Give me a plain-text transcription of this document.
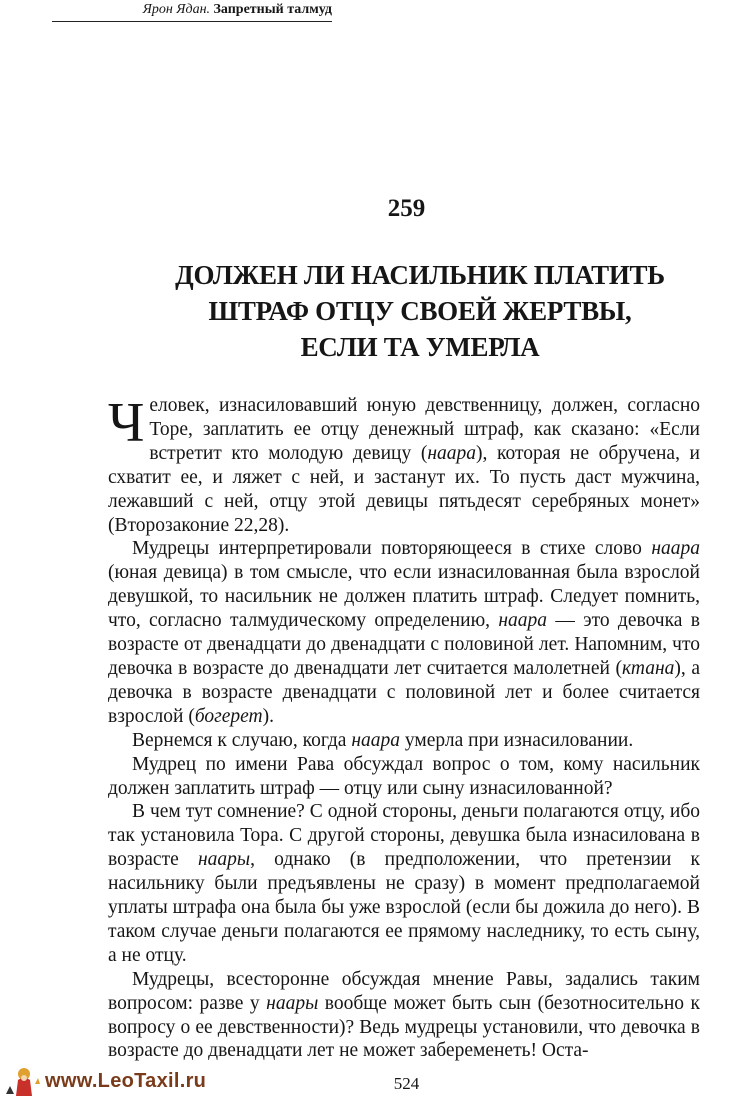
Ярон Ядан. Запретный талмуд
259
ДОЛЖЕН ЛИ НАСИЛЬНИК ПЛАТИТЬ
ШТРАФ ОТЦУ СВОЕЙ ЖЕРТВЫ,
ЕСЛИ ТА УМЕРЛА

Человек, изнасиловавший юную девственницу, должен, согласно Торе, заплатить ее отцу денежный штраф, как сказано: «Если встретит кто молодую девицу (наара), которая не обручена, и схватит ее, и ляжет с ней, и застанут их. То пусть даст мужчина, лежавший с ней, отцу этой девицы пятьдесят серебряных монет» (Второзаконие 22,28).

Мудрецы интерпретировали повторяющееся в стихе слово наара (юная девица) в том смысле, что если изнасилованная была взрослой девушкой, то насильник не должен платить штраф. Следует помнить, что, согласно талмудическому определению, наара — это девочка в возрасте от двенадцати до двенадцати с половиной лет. Напомним, что девочка в возрасте до двенадцати лет считается малолетней (ктана), а девочка в возрасте двенадцати с половиной лет и более считается взрослой (богерет).

Вернемся к случаю, когда наара умерла при изнасиловании.

Мудрец по имени Рава обсуждал вопрос о том, кому насильник должен заплатить штраф — отцу или сыну изнасилованной?

В чем тут сомнение? С одной стороны, деньги полагаются отцу, ибо так установила Тора. С другой стороны, девушка была изнасилована в возрасте наары, однако (в предположении, что претензии к насильнику были предъявлены не сразу) в момент предполагаемой уплаты штрафа она была бы уже взрослой (если бы дожила до него). В таком случае деньги полагаются ее прямому наследнику, то есть сыну, а не отцу.

Мудрецы, всесторонне обсуждая мнение Равы, задались таким вопросом: разве у наары вообще может быть сын (безотносительно к вопросу о ее девственности)? Ведь мудрецы установили, что девочка в возрасте до двенадцати лет не может забеременеть! Оста-

524
www.LeoTaxil.ru
